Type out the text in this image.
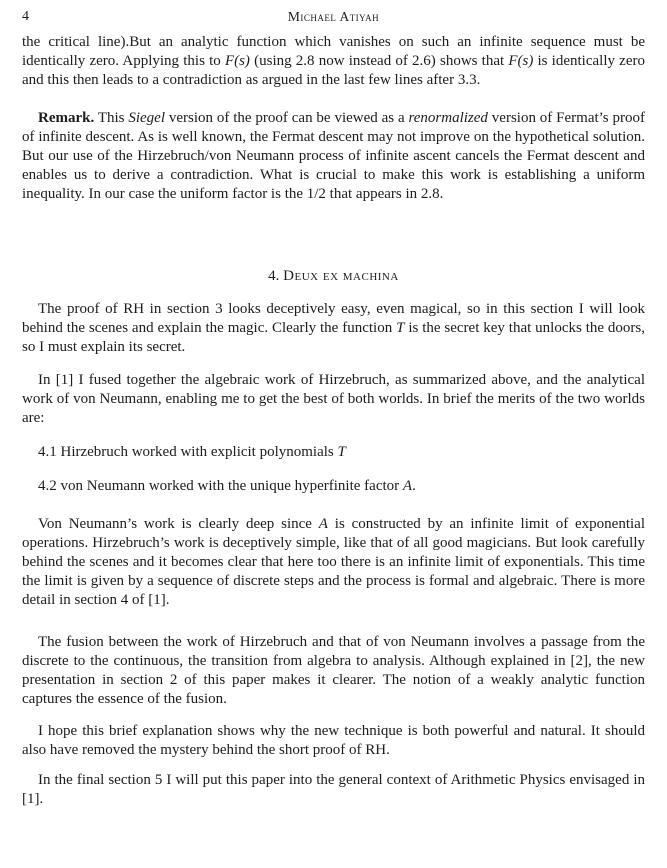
4	Michael Atiyah

the critical line).But an analytic function which vanishes on such an infinite sequence must be identically zero. Applying this to F(s) (using 2.8 now instead of 2.6) shows that F(s) is identically zero and this then leads to a contradiction as argued in the last few lines after 3.3.

Remark. This Siegel version of the proof can be viewed as a renormalized version of Fermat’s proof of infinite descent. As is well known, the Fermat descent may not improve on the hypothetical solution. But our use of the Hirzebruch/von Neumann process of infinite ascent cancels the Fermat descent and enables us to derive a contradiction. What is crucial to make this work is establishing a uniform inequality. In our case the uniform factor is the 1/2 that appears in 2.8.

4. Deux ex machina

The proof of RH in section 3 looks deceptively easy, even magical, so in this section I will look behind the scenes and explain the magic. Clearly the function T is the secret key that unlocks the doors, so I must explain its secret.

In [1] I fused together the algebraic work of Hirzebruch, as summarized above, and the analytical work of von Neumann, enabling me to get the best of both worlds. In brief the merits of the two worlds are:

4.1 Hirzebruch worked with explicit polynomials T

4.2 von Neumann worked with the unique hyperfinite factor A.

Von Neumann’s work is clearly deep since A is constructed by an infinite limit of exponential operations. Hirzebruch’s work is deceptively simple, like that of all good magicians. But look carefully behind the scenes and it becomes clear that here too there is an infinite limit of exponentials. This time the limit is given by a sequence of discrete steps and the process is formal and algebraic. There is more detail in section 4 of [1].

The fusion between the work of Hirzebruch and that of von Neumann involves a passage from the discrete to the continuous, the transition from algebra to analysis. Although explained in [2], the new presentation in section 2 of this paper makes it clearer. The notion of a weakly analytic function captures the essence of the fusion.

I hope this brief explanation shows why the new technique is both powerful and natural. It should also have removed the mystery behind the short proof of RH.

In the final section 5 I will put this paper into the general context of Arithmetic Physics envisaged in [1].
